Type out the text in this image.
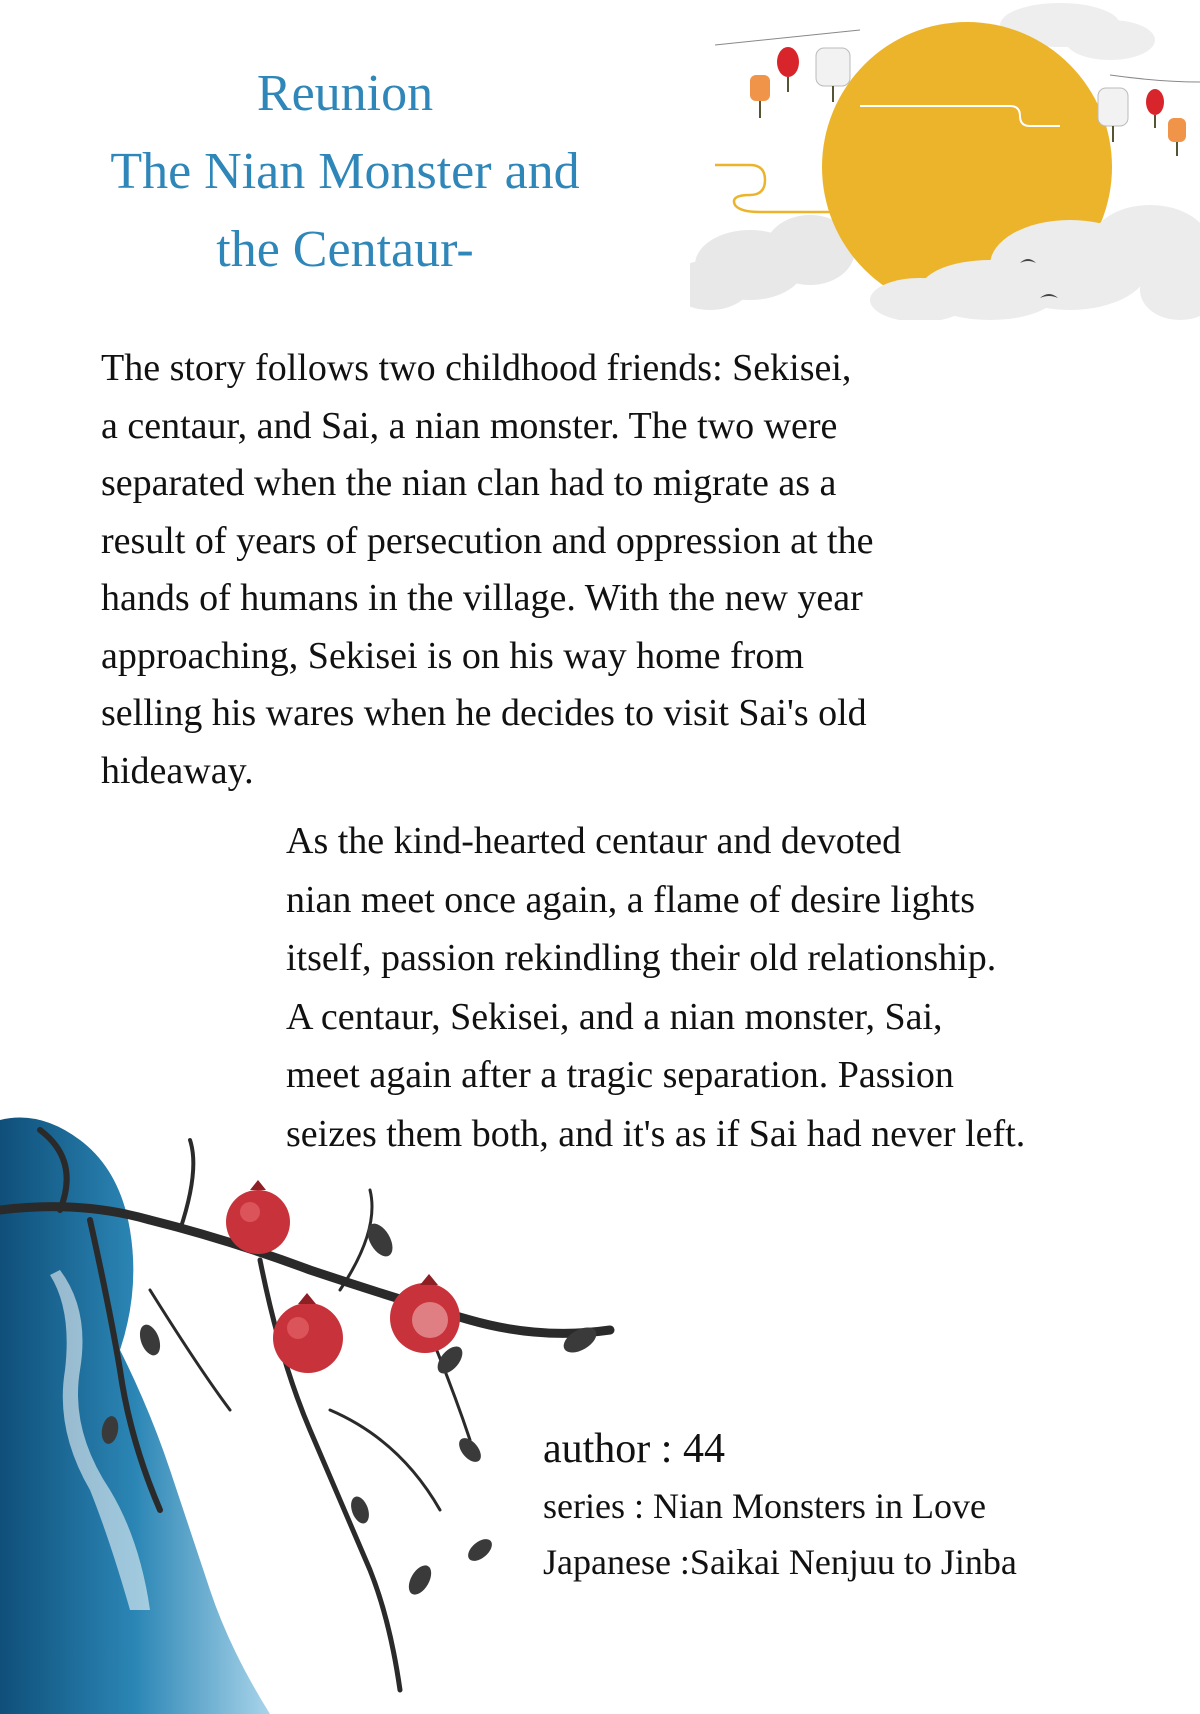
Reunion
The Nian Monster and
the Centaur-
The story follows two childhood friends: Sekisei,
a centaur, and Sai, a nian monster. The two were
separated when the nian clan had to migrate as a
result of years of persecution and oppression at the
hands of humans in the village. With the new year
approaching, Sekisei is on his way home from
selling his wares when he decides to visit Sai's old
hideaway.
As the kind-hearted centaur and devoted
nian meet once again, a flame of desire lights
itself, passion rekindling their old relationship.
A centaur, Sekisei, and a nian monster, Sai,
meet again after a tragic separation. Passion
seizes them both, and it's as if Sai had never left.
author : 44
series : Nian Monsters in Love
Japanese :Saikai Nenjuu to Jinba
